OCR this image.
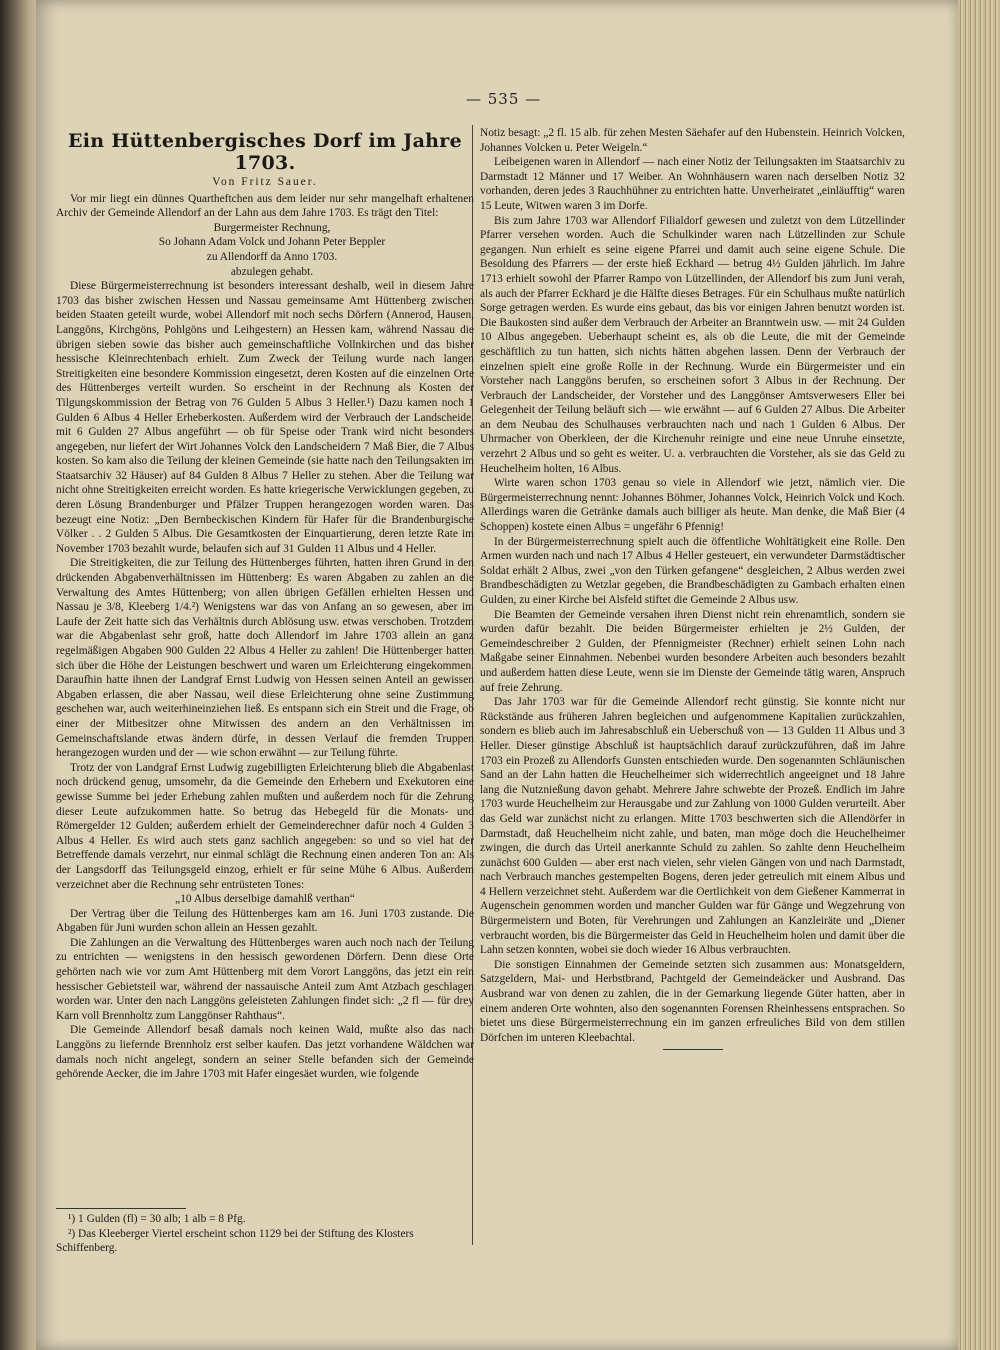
— 535 —
Ein Hüttenbergisches Dorf im Jahre 1703.
Von Fritz Sauer.

Vor mir liegt ein dünnes Quartheftchen aus dem leider nur sehr mangelhaft erhaltenen Archiv der Gemeinde Allendorf an der Lahn aus dem Jahre 1703. Es trägt den Titel:

Burgermeister Rechnung,

So Johann Adam Volck und Johann Peter Beppler

zu Allendorff da Anno 1703.

abzulegen gehabt.

Diese Bürgermeisterrechnung ist besonders interessant deshalb, weil in diesem Jahre 1703 das bisher zwischen Hessen und Nassau gemeinsame Amt Hüttenberg zwischen beiden Staaten geteilt wurde, wobei Allendorf mit noch sechs Dörfern (Annerod, Hausen, Langgöns, Kirchgöns, Pohlgöns und Leihgestern) an Hessen kam, während Nassau die übrigen sieben sowie das bisher auch gemeinschaftliche Vollnkirchen und das bisher hessische Kleinrechtenbach erhielt. Zum Zweck der Teilung wurde nach langen Streitigkeiten eine besondere Kommission eingesetzt, deren Kosten auf die einzelnen Orte des Hüttenberges verteilt wurden. So erscheint in der Rechnung als Kosten der Tilgungskommission der Betrag von 76 Gulden 5 Albus 3 Heller.¹) Dazu kamen noch 1 Gulden 6 Albus 4 Heller Erheberkosten. Außerdem wird der Verbrauch der Landscheide. mit 6 Gulden 27 Albus angeführt — ob für Speise oder Trank wird nicht besonders angegeben, nur liefert der Wirt Johannes Volck den Landscheidern 7 Maß Bier, die 7 Albus kosten. So kam also die Teilung der kleinen Gemeinde (sie hatte nach den Teilungsakten im Staatsarchiv 32 Häuser) auf 84 Gulden 8 Albus 7 Heller zu stehen. Aber die Teilung war nicht ohne Streitigkeiten erreicht worden. Es hatte kriegerische Verwicklungen gegeben, zu deren Lösung Brandenburger und Pfälzer Truppen herangezogen worden waren. Das bezeugt eine Notiz: „Den Bernbeckischen Kindern für Hafer für die Brandenburgische Völker . . 2 Gulden 5 Albus. Die Gesamtkosten der Einquartierung, deren letzte Rate im November 1703 bezahlt wurde, belaufen sich auf 31 Gulden 11 Albus und 4 Heller.

Die Streitigkeiten, die zur Teilung des Hüttenberges führten, hatten ihren Grund in den drückenden Abgabenverhältnissen im Hüttenberg: Es waren Abgaben zu zahlen an die Verwaltung des Amtes Hüttenberg; von allen übrigen Gefällen erhielten Hessen und Nassau je 3/8, Kleeberg 1/4.²) Wenigstens war das von Anfang an so gewesen, aber im Laufe der Zeit hatte sich das Verhältnis durch Ablösung usw. etwas verschoben. Trotzdem war die Abgabenlast sehr groß, hatte doch Allendorf im Jahre 1703 allein an ganz regelmäßigen Abgaben 900 Gulden 22 Albus 4 Heller zu zahlen! Die Hüttenberger hatten sich über die Höhe der Leistungen beschwert und waren um Erleichterung eingekommen. Daraufhin hatte ihnen der Landgraf Ernst Ludwig von Hessen seinen Anteil an gewissen Abgaben erlassen, die aber Nassau, weil diese Erleichterung ohne seine Zustimmung geschehen war, auch weiterhineinziehen ließ. Es entspann sich ein Streit und die Frage, ob einer der Mitbesitzer ohne Mitwissen des andern an den Verhältnissen im Gemeinschaftslande etwas ändern dürfe, in dessen Verlauf die fremden Truppen herangezogen wurden und der — wie schon erwähnt — zur Teilung führte.

Trotz der von Landgraf Ernst Ludwig zugebilligten Erleichterung blieb die Abgabenlast noch drückend genug, umsomehr, da die Gemeinde den Erhebern und Exekutoren eine gewisse Summe bei jeder Erhebung zahlen mußten und außerdem noch für die Zehrung dieser Leute aufzukommen hatte. So betrug das Hebegeld für die Monats- und Römergelder 12 Gulden; außerdem erhielt der Gemeinderechner dafür noch 4 Gulden 3 Albus 4 Heller. Es wird auch stets ganz sachlich angegeben: so und so viel hat der Betreffende damals verzehrt, nur einmal schlägt die Rechnung einen anderen Ton an: Als der Langsdorff das Teilungsgeld einzog, erhielt er für seine Mühe 6 Albus. Außerdem verzeichnet aber die Rechnung sehr entrüsteten Tones:

„10 Albus derselbige damahlß verthan“

Der Vertrag über die Teilung des Hüttenberges kam am 16. Juni 1703 zustande. Die Abgaben für Juni wurden schon allein an Hessen gezahlt.

Die Zahlungen an die Verwaltung des Hüttenberges waren auch noch nach der Teilung zu entrichten — wenigstens in den hessisch gewordenen Dörfern. Denn diese Orte gehörten nach wie vor zum Amt Hüttenberg mit dem Vorort Langgöns, das jetzt ein rein hessischer Gebietsteil war, während der nassauische Anteil zum Amt Atzbach geschlagen worden war. Unter den nach Langgöns geleisteten Zahlungen findet sich: „2 fl — für drey Karn voll Brennholtz zum Langgönser Rahthaus“.

Die Gemeinde Allendorf besaß damals noch keinen Wald, mußte also das nach Langgöns zu liefernde Brennholz erst selber kaufen. Das jetzt vorhandene Wäldchen war damals noch nicht angelegt, sondern an seiner Stelle befanden sich der Gemeinde gehörende Aecker, die im Jahre 1703 mit Hafer eingesäet wurden, wie folgende

¹) 1 Gulden (fl) = 30 alb; 1 alb = 8 Pfg.

²) Das Kleeberger Viertel erscheint schon 1129 bei der Stiftung des Klosters Schiffenberg.

Notiz besagt: „2 fl. 15 alb. für zehen Mesten Säehafer auf den Hubenstein. Heinrich Volcken, Johannes Volcken u. Peter Weigeln.“

Leibeigenen waren in Allendorf — nach einer Notiz der Teilungsakten im Staatsarchiv zu Darmstadt 12 Männer und 17 Weiber. An Wohnhäusern waren nach derselben Notiz 32 vorhanden, deren jedes 3 Rauchhühner zu entrichten hatte. Unverheiratet „einläufftig“ waren 15 Leute, Witwen waren 3 im Dorfe.

Bis zum Jahre 1703 war Allendorf Filialdorf gewesen und zuletzt von dem Lützellinder Pfarrer versehen worden. Auch die Schulkinder waren nach Lützellinden zur Schule gegangen. Nun erhielt es seine eigene Pfarrei und damit auch seine eigene Schule. Die Besoldung des Pfarrers — der erste hieß Eckhard — betrug 4½ Gulden jährlich. Im Jahre 1713 erhielt sowohl der Pfarrer Rampo von Lützellinden, der Allendorf bis zum Juni verah, als auch der Pfarrer Eckhard je die Hälfte dieses Betrages. Für ein Schulhaus mußte natürlich Sorge getragen werden. Es wurde eins gebaut, das bis vor einigen Jahren benutzt worden ist. Die Baukosten sind außer dem Verbrauch der Arbeiter an Branntwein usw. — mit 24 Gulden 10 Albus angegeben. Ueberhaupt scheint es, als ob die Leute, die mit der Gemeinde geschäftlich zu tun hatten, sich nichts hätten abgehen lassen. Denn der Verbrauch der einzelnen spielt eine große Rolle in der Rechnung. Wurde ein Bürgermeister und ein Vorsteher nach Langgöns berufen, so erscheinen sofort 3 Albus in der Rechnung. Der Verbrauch der Landscheider, der Vorsteher und des Langgönser Amtsverwesers Eller bei Gelegenheit der Teilung beläuft sich — wie erwähnt — auf 6 Gulden 27 Albus. Die Arbeiter an dem Neubau des Schulhauses verbrauchten nach und nach 1 Gulden 6 Albus. Der Uhrmacher von Oberkleen, der die Kirchenuhr reinigte und eine neue Unruhe einsetzte, verzehrt 2 Albus und so geht es weiter. U. a. verbrauchten die Vorsteher, als sie das Geld zu Heuchelheim holten, 16 Albus.

Wirte waren schon 1703 genau so viele in Allendorf wie jetzt, nämlich vier. Die Bürgermeisterrechnung nennt: Johannes Böhmer, Johannes Volck, Heinrich Volck und Koch. Allerdings waren die Getränke damals auch billiger als heute. Man denke, die Maß Bier (4 Schoppen) kostete einen Albus = ungefähr 6 Pfennig!

In der Bürgermeisterrechnung spielt auch die öffentliche Wohltätigkeit eine Rolle. Den Armen wurden nach und nach 17 Albus 4 Heller gesteuert, ein verwundeter Darmstädtischer Soldat erhält 2 Albus, zwei „von den Türken gefangene“ desgleichen, 2 Albus werden zwei Brandbeschädigten zu Wetzlar gegeben, die Brandbeschädigten zu Gambach erhalten einen Gulden, zu einer Kirche bei Alsfeld stiftet die Gemeinde 2 Albus usw.

Die Beamten der Gemeinde versahen ihren Dienst nicht rein ehrenamtlich, sondern sie wurden dafür bezahlt. Die beiden Bürgermeister erhielten je 2½ Gulden, der Gemeindeschreiber 2 Gulden, der Pfennigmeister (Rechner) erhielt seinen Lohn nach Maßgabe seiner Einnahmen. Nebenbei wurden besondere Arbeiten auch besonders bezahlt und außerdem hatten diese Leute, wenn sie im Dienste der Gemeinde tätig waren, Anspruch auf freie Zehrung.

Das Jahr 1703 war für die Gemeinde Allendorf recht günstig. Sie konnte nicht nur Rückstände aus früheren Jahren begleichen und aufgenommene Kapitalien zurückzahlen, sondern es blieb auch im Jahresabschluß ein Ueberschuß von — 13 Gulden 11 Albus und 3 Heller. Dieser günstige Abschluß ist hauptsächlich darauf zurückzuführen, daß im Jahre 1703 ein Prozeß zu Allendorfs Gunsten entschieden wurde. Den sogenannten Schläunischen Sand an der Lahn hatten die Heuchelheimer sich widerrechtlich angeeignet und 18 Jahre lang die Nutznießung davon gehabt. Mehrere Jahre schwebte der Prozeß. Endlich im Jahre 1703 wurde Heuchelheim zur Herausgabe und zur Zahlung von 1000 Gulden verurteilt. Aber das Geld war zunächst nicht zu erlangen. Mitte 1703 beschwerten sich die Allendörfer in Darmstadt, daß Heuchelheim nicht zahle, und baten, man möge doch die Heuchelheimer zwingen, die durch das Urteil anerkannte Schuld zu zahlen. So zahlte denn Heuchelheim zunächst 600 Gulden — aber erst nach vielen, sehr vielen Gängen von und nach Darmstadt, nach Verbrauch manches gestempelten Bogens, deren jeder getreulich mit einem Albus und 4 Hellern verzeichnet steht. Außerdem war die Oertlichkeit von dem Gießener Kammerrat in Augenschein genommen worden und mancher Gulden war für Gänge und Wegzehrung von Bürgermeistern und Boten, für Verehrungen und Zahlungen an Kanzleiräte und „Diener verbraucht worden, bis die Bürgermeister das Geld in Heuchelheim holen und damit über die Lahn setzen konnten, wobei sie doch wieder 16 Albus verbrauchten.

Die sonstigen Einnahmen der Gemeinde setzten sich zusammen aus: Monatsgeldern, Satzgeldern, Mai- und Herbstbrand, Pachtgeld der Gemeindeäcker und Ausbrand. Das Ausbrand war von denen zu zahlen, die in der Gemarkung liegende Güter hatten, aber in einem anderen Orte wohnten, also den sogenannten Forensen Rheinhessens entsprachen. So bietet uns diese Bürgermeisterrechnung ein im ganzen erfreuliches Bild von dem stillen Dörfchen im unteren Kleebachtal.
